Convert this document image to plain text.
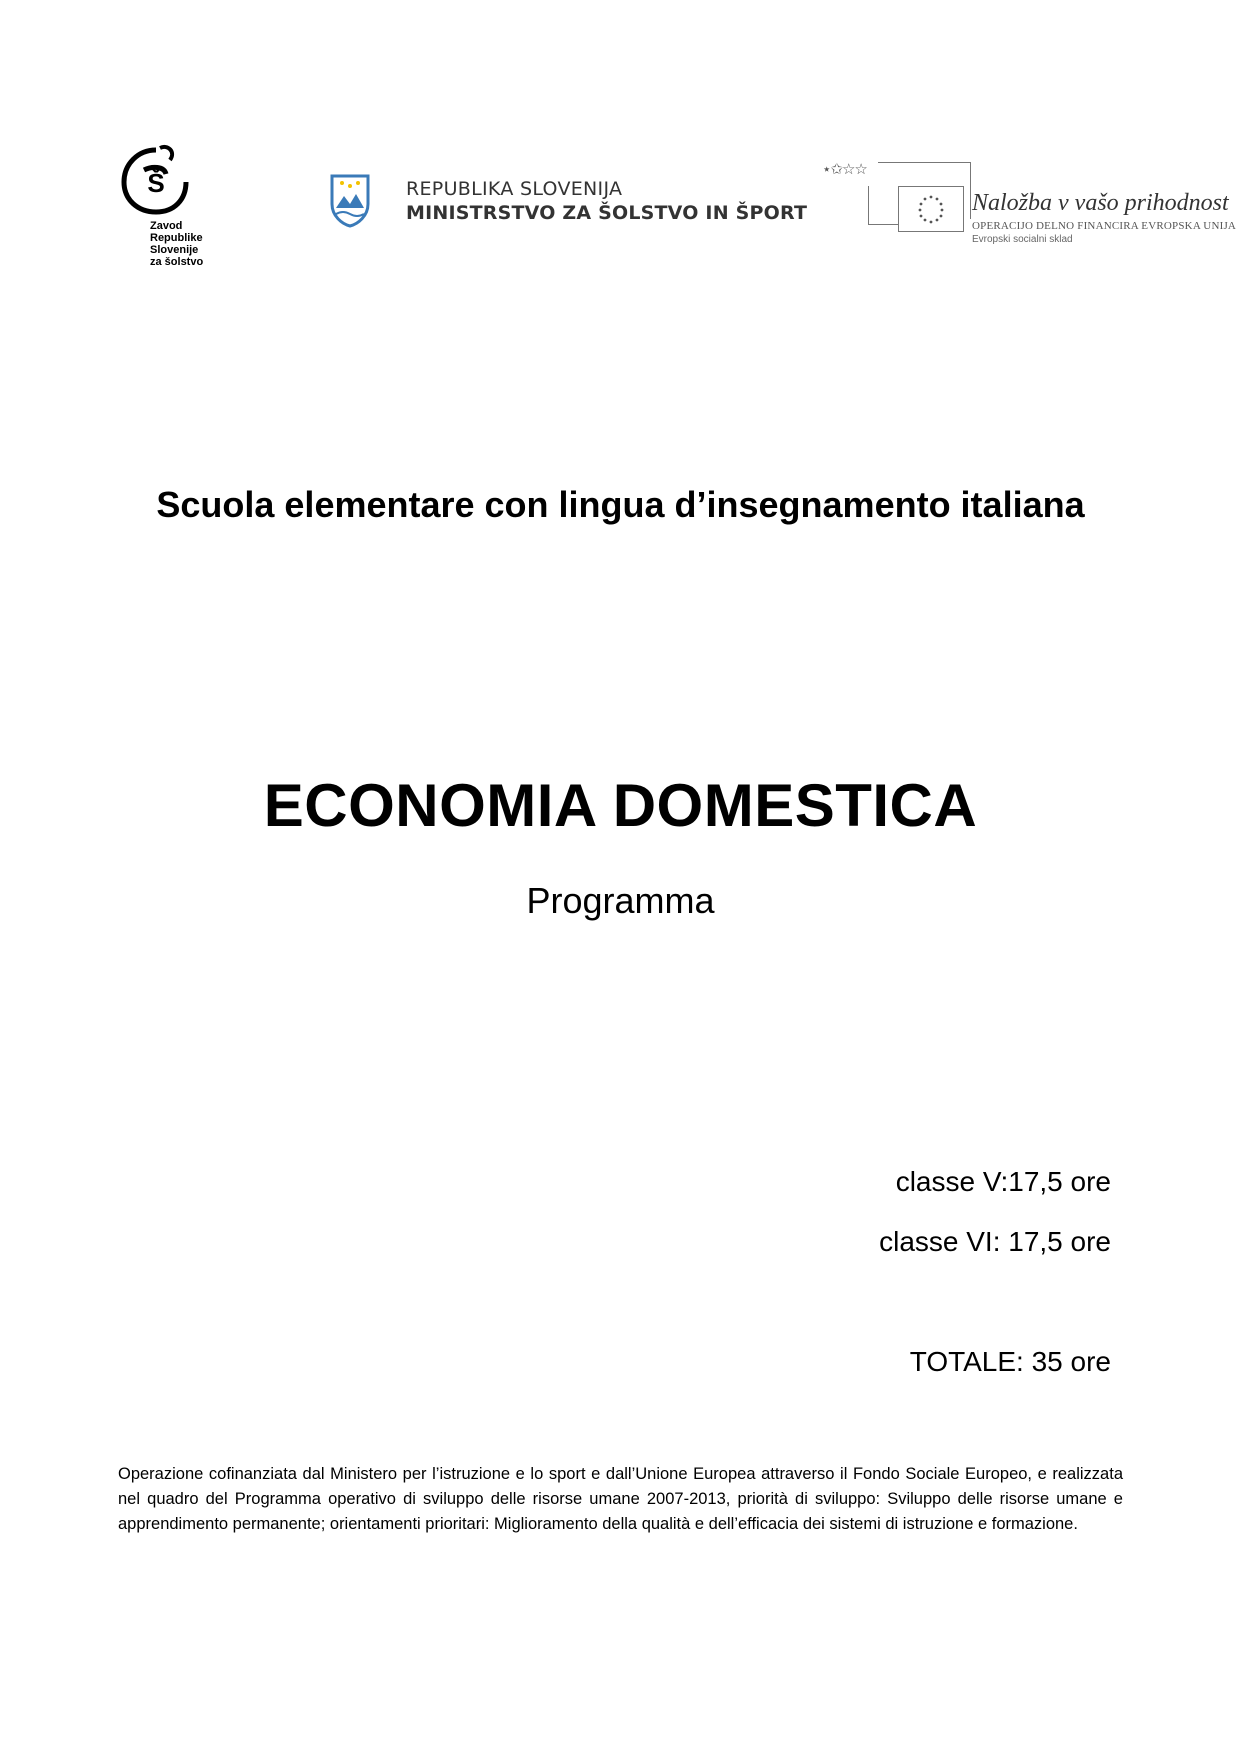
Š
Zavod
Republike
Slovenije
za šolstvo
REPUBLIKA SLOVENIJA
MINISTRSTVO ZA ŠOLSTVO IN ŠPORT
⋆✩☆☆
Naložba v vašo prihodnost
OPERACIJO DELNO FINANCIRA EVROPSKA UNIJA
Evropski socialni sklad
Scuola elementare con lingua d’insegnamento italiana
ECONOMIA DOMESTICA
Programma
classe V:17,5 ore
classe VI: 17,5 ore
TOTALE: 35 ore
Operazione cofinanziata dal Ministero per l’istruzione e lo sport e dall’Unione Europea attraverso il Fondo Sociale Europeo, e realizzata nel quadro del Programma operativo di sviluppo delle risorse umane 2007-2013, priorità di sviluppo: Sviluppo delle risorse umane e apprendimento permanente; orientamenti prioritari: Miglioramento della qualità e dell’efficacia dei sistemi di istruzione e formazione.
